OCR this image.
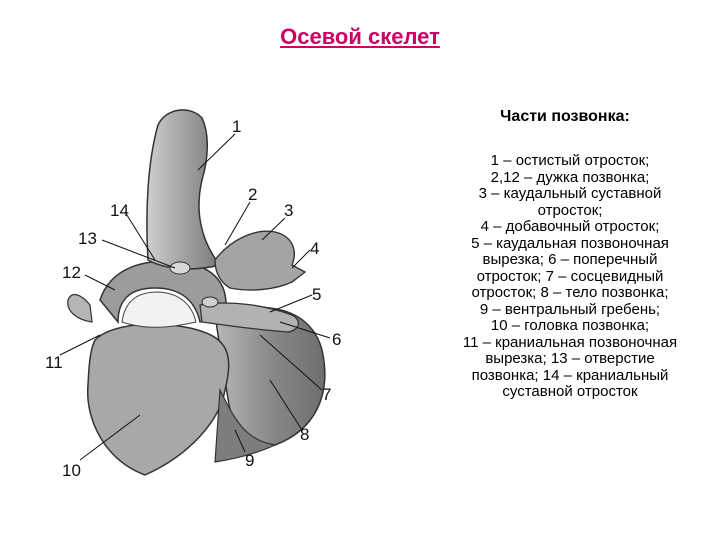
Осевой скелет
Части позвонка:
1 – остистый отросток;
2,12 – дужка позвонка;
3 – каудальный суставной
отросток;
4 – добавочный отросток;
5 – каудальная позвоночная
вырезка; 6 – поперечный
отросток; 7 – сосцевидный
отросток; 8 – тело позвонка;
9 – вентральный гребень;
10 – головка позвонка;
11 – краниальная позвоночная
вырезка; 13 – отверстие
позвонка; 14 – краниальный
суставной отросток
1
2
3
4
5
6
7
8
9
10
11
12
13
14
